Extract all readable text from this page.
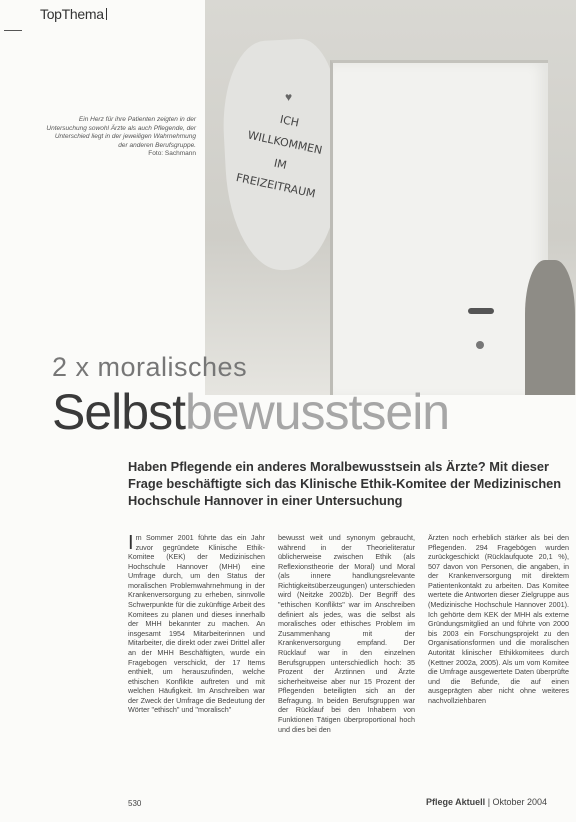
TopThema
♥
ICH
WILLKOMMEN
IM
FREIZEITRAUM
Ein Herz für ihre Patienten zeigten in der Untersuchung sowohl Ärzte als auch Pflegende, der Unterschied liegt in der jeweiligen Wahrnehmung der anderen Berufsgruppe.
Foto: Sachmann
2 x moralisches
Selbstbewusstsein
Haben Pflegende ein anderes Moralbewusstsein als Ärzte? Mit dieser Frage beschäftigte sich das Klinische Ethik-Komitee der Medizinischen Hochschule Hannover in einer Untersuchung
Im Sommer 2001 führte das ein Jahr zuvor gegründete Klinische Ethik-Komitee (KEK) der Medizinischen Hochschule Hannover (MHH) eine Umfrage durch, um den Status der moralischen Problemwahrnehmung in der Krankenversorgung zu erheben, sinnvolle Schwerpunkte für die zukünftige Arbeit des Komitees zu planen und dieses innerhalb der MHH bekannter zu machen. An insgesamt 1954 Mitarbeiterinnen und Mitarbeiter, die direkt oder zwei Drittel aller an der MHH Beschäftigten, wurde ein Fragebogen verschickt, der 17 Items enthielt, um herauszufinden, welche ethischen Konflikte auftreten und mit welchen Häufigkeit. Im Anschreiben war der Zweck der Umfrage die Bedeutung der Wörter "ethisch" und "moralisch"
bewusst weit und synonym gebraucht, während in der Theorieliteratur üblicherweise zwischen Ethik (als Reflexionstheorie der Moral) und Moral (als innere handlungsrelevante Richtigkeitsüberzeugungen) unterschieden wird (Neitzke 2002b). Der Begriff des "ethischen Konflikts" war im Anschreiben definiert als jedes, was die selbst als moralisches oder ethisches Problem im Zusammenhang mit der Krankenversorgung empfand. Der Rücklauf war in den einzelnen Berufsgruppen unterschiedlich hoch: 35 Prozent der Ärztinnen und Ärzte sicherheitweise aber nur 15 Prozent der Pflegenden beteiligten sich an der Befragung. In beiden Berufsgruppen war der Rücklauf bei den Inhabern von Funktionen Tätigen überproportional hoch und dies bei den
Ärzten noch erheblich stärker als bei den Pflegenden. 294 Fragebögen wurden zurückgeschickt (Rücklaufquote 20,1 %), 507 davon von Personen, die angaben, in der Krankenversorgung mit direktem Patientenkontakt zu arbeiten. Das Komitee wertete die Antworten dieser Zielgruppe aus (Medizinische Hochschule Hannover 2001). Ich gehörte dem KEK der MHH als externe Gründungsmitglied an und führte von 2000 bis 2003 ein Forschungsprojekt zu den Organisationsformen und die moralischen Autorität klinischer Ethikkomitees durch (Kettner 2002a, 2005). Als um vom Komitee die Umfrage ausgewertete Daten überprüfte und die Befunde, die auf einen ausgeprägten aber nicht ohne weiteres nachvollziehbaren
530	Pflege Aktuell | Oktober 2004
